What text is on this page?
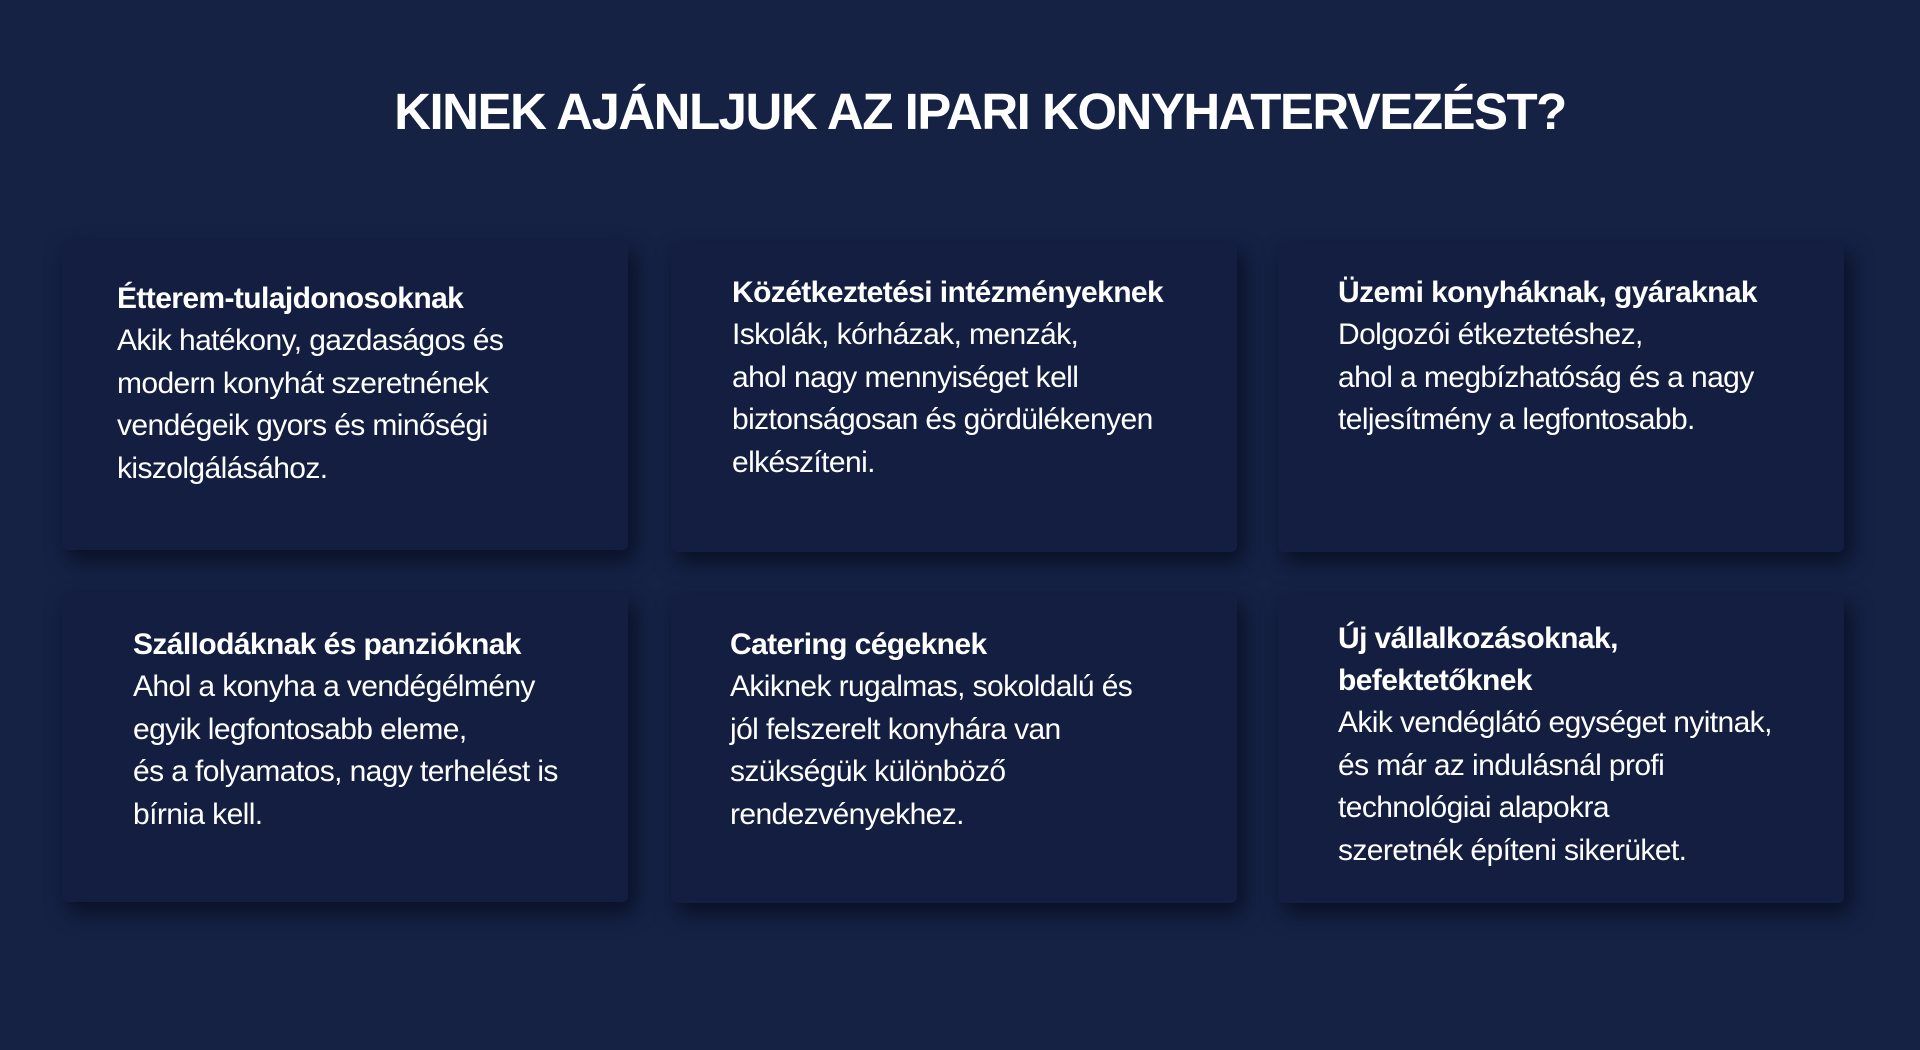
KINEK AJÁNLJUK AZ IPARI KONYHATERVEZÉST?
Étterem-tulajdonosoknak
Akik hatékony, gazdaságos és
modern konyhát szeretnének
vendégeik gyors és minőségi
kiszolgálásához.
Közétkeztetési intézményeknek
Iskolák, kórházak, menzák,
ahol nagy mennyiséget kell
biztonságosan és gördülékenyen
elkészíteni.
Üzemi konyháknak, gyáraknak
Dolgozói étkeztetéshez,
ahol a megbízhatóság és a nagy
teljesítmény a legfontosabb.
Szállodáknak és panzióknak
Ahol a konyha a vendégélmény
egyik legfontosabb eleme,
és a folyamatos, nagy terhelést is
bírnia kell.
Catering cégeknek
Akiknek rugalmas, sokoldalú és
jól felszerelt konyhára van
szükségük különböző
rendezvényekhez.
Új vállalkozásoknak,
befektetőknek
Akik vendéglátó egységet nyitnak,
és már az indulásnál profi
technológiai alapokra
szeretnék építeni sikerüket.
